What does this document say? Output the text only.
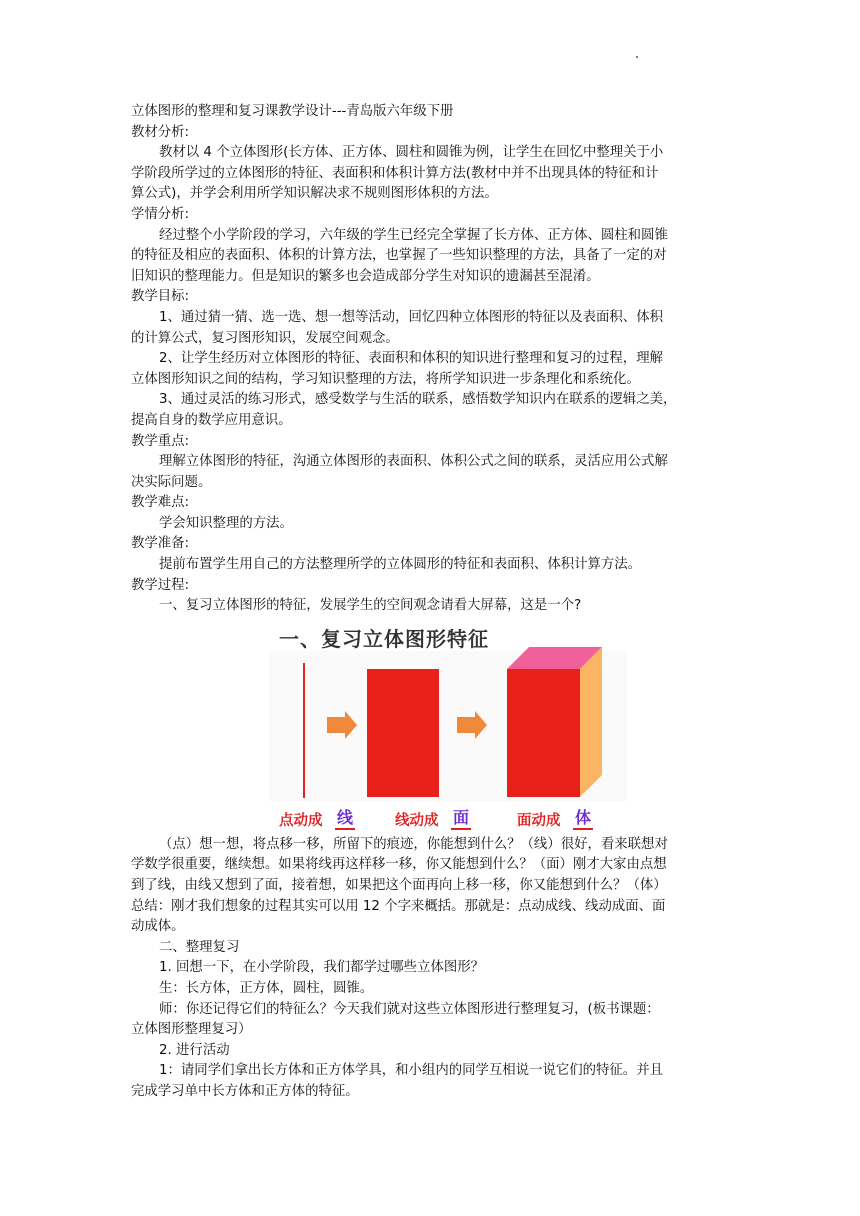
立体图形的整理和复习课教学设计---青岛版六年级下册
教材分析:
教材以 4 个立体图形(长方体、正方体、圆柱和圆锥为例，让学生在回忆中整理关于小
学阶段所学过的立体图形的特征、表面积和体积计算方法(教材中并不出现具体的特征和计
算公式)，并学会利用所学知识解决求不规则图形体积的方法。
学情分析:
经过整个小学阶段的学习，六年级的学生已经完全掌握了长方体、正方体、圆柱和圆锥
的特征及相应的表面积、体积的计算方法，也掌握了一些知识整理的方法，具备了一定的对
旧知识的整理能力。但是知识的繁多也会造成部分学生对知识的遗漏甚至混淆。
教学目标:
1、通过猜一猜、选一选、想一想等活动，回忆四种立体图形的特征以及表面积、体积
的计算公式，复习图形知识，发展空间观念。
2、让学生经历对立体图形的特征、表面积和体积的知识进行整理和复习的过程，理解
立体图形知识之间的结构，学习知识整理的方法，将所学知识进一步条理化和系统化。
3、通过灵活的练习形式，感受数学与生活的联系，感悟数学知识内在联系的逻辑之美，
提高自身的数学应用意识。
教学重点:
理解立体图形的特征，沟通立体图形的表面积、体积公式之间的联系，灵活应用公式解
决实际问题。
教学难点:
学会知识整理的方法。
教学准备:
提前布置学生用自己的方法整理所学的立体圆形的特征和表面积、体积计算方法。
教学过程:
一、复习立体图形的特征，发展学生的空间观念请看大屏幕，这是一个?
一、复习立体图形特征
点动成 线	线动成 面	面动成 体
（点）想一想，将点移一移，所留下的痕迹，你能想到什么？（线）很好，看来联想对
学数学很重要，继续想。如果将线再这样移一移，你又能想到什么？（面）刚才大家由点想
到了线，由线又想到了面，接着想，如果把这个面再向上移一移，你又能想到什么？（体）
总结：刚才我们想象的过程其实可以用 12 个字来概括。那就是：点动成线、线动成面、面
动成体。
二、整理复习
1. 回想一下，在小学阶段，我们都学过哪些立体图形？
生：长方体，正方体，圆柱，圆锥。
师：你还记得它们的特征么？今天我们就对这些立体图形进行整理复习，(板书课题：
立体图形整理复习）
2. 进行活动
1：请同学们拿出长方体和正方体学具，和小组内的同学互相说一说它们的特征。并且
完成学习单中长方体和正方体的特征。
